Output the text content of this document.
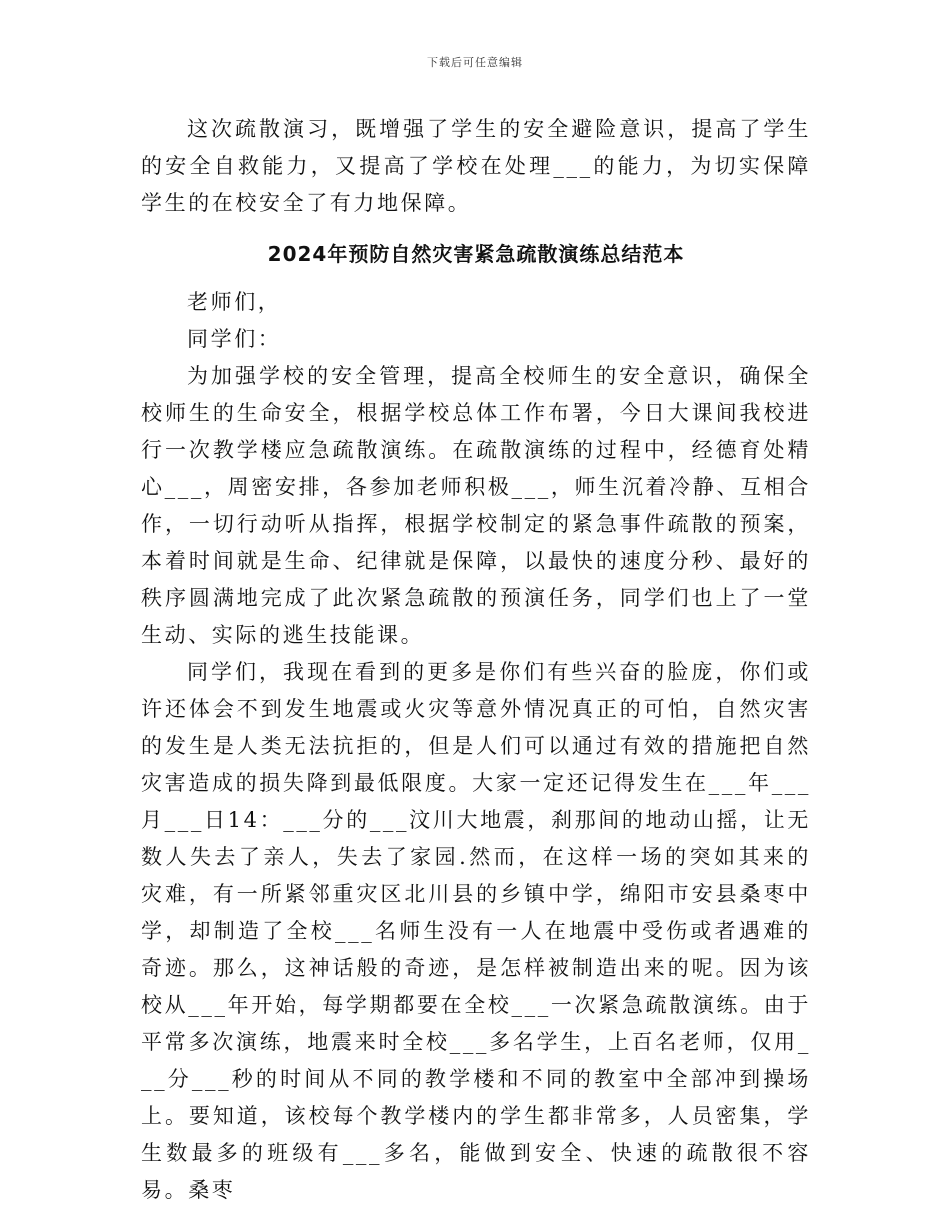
下载后可任意编辑

这次疏散演习，既增强了学生的安全避险意识，提高了学生的安全自救能力，又提高了学校在处理___的能力，为切实保障学生的在校安全了有力地保障。

2024年预防自然灾害紧急疏散演练总结范本

老师们，

同学们：

为加强学校的安全管理，提高全校师生的安全意识，确保全校师生的生命安全，根据学校总体工作布署，今日大课间我校进行一次教学楼应急疏散演练。在疏散演练的过程中，经德育处精心___，周密安排，各参加老师积极___，师生沉着冷静、互相合作，一切行动听从指挥，根据学校制定的紧急事件疏散的预案，本着时间就是生命、纪律就是保障，以最快的速度分秒、最好的秩序圆满地完成了此次紧急疏散的预演任务，同学们也上了一堂生动、实际的逃生技能课。

同学们，我现在看到的更多是你们有些兴奋的脸庞，你们或许还体会不到发生地震或火灾等意外情况真正的可怕，自然灾害的发生是人类无法抗拒的，但是人们可以通过有效的措施把自然灾害造成的损失降到最低限度。大家一定还记得发生在___年___月___日14：___分的___汶川大地震，刹那间的地动山摇，让无数人失去了亲人，失去了家园.然而，在这样一场的突如其来的灾难，有一所紧邻重灾区北川县的乡镇中学，绵阳市安县桑枣中学，却制造了全校___名师生没有一人在地震中受伤或者遇难的奇迹。那么，这神话般的奇迹，是怎样被制造出来的呢。因为该校从___年开始，每学期都要在全校___一次紧急疏散演练。由于平常多次演练，地震来时全校___多名学生，上百名老师，仅用___分___秒的时间从不同的教学楼和不同的教室中全部冲到操场上。要知道，该校每个教学楼内的学生都非常多，人员密集，学生数最多的班级有___多名，能做到安全、快速的疏散很不容易。桑枣
